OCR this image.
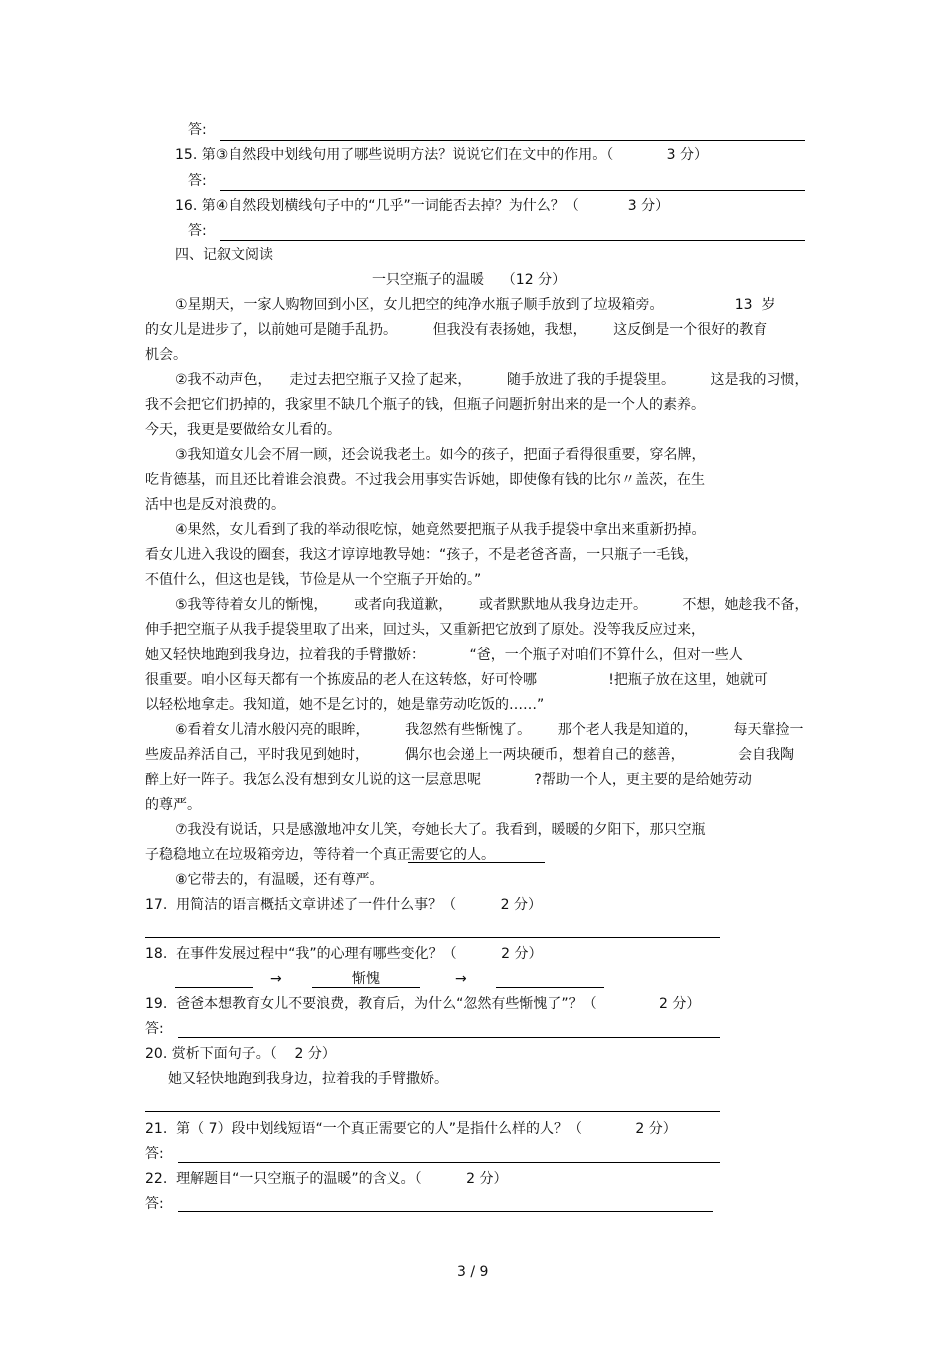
答:
15. 第③自然段中划线句用了哪些说明方法？说说它们在文中的作用。（            3 分）
答:
16. 第④自然段划横线句子中的“几乎”一词能否去掉？为什么？（           3 分）
答:
四、记叙文阅读
一只空瓶子的温暖    （12 分）
①星期天，一家人购物回到小区，女儿把空的纯净水瓶子顺手放到了垃圾箱旁。                13  岁
的女儿是进步了，以前她可是随手乱扔。        但我没有表扬她，我想，      这反倒是一个很好的教育
机会。
②我不动声色，    走过去把空瓶子又捡了起来，        随手放进了我的手提袋里。        这是我的习惯，
我不会把它们扔掉的，我家里不缺几个瓶子的钱，但瓶子问题折射出来的是一个人的素养。
今天，我更是要做给女儿看的。
③我知道女儿会不屑一顾，还会说我老土。如今的孩子，把面子看得很重要，穿名牌，
吃肯德基，而且还比着谁会浪费。不过我会用事实告诉她，即使像有钱的比尔〃盖茨，在生
活中也是反对浪费的。
④果然，女儿看到了我的举动很吃惊，她竟然要把瓶子从我手提袋中拿出来重新扔掉。
看女儿进入我设的圈套，我这才谆谆地教导她：“孩子，不是老爸吝啬，一只瓶子一毛钱，
不值什么，但这也是钱，节俭是从一个空瓶子开始的。”
⑤我等待着女儿的惭愧，      或者向我道歉，      或者默默地从我身边走开。        不想，她趁我不备，
伸手把空瓶子从我手提袋里取了出来，回过头，又重新把它放到了原处。没等我反应过来，
她又轻快地跑到我身边，拉着我的手臂撒娇：          “爸，一个瓶子对咱们不算什么，但对一些人
很重要。咱小区每天都有一个拣废品的老人在这转悠，好可怜哪                !把瓶子放在这里，她就可
以轻松地拿走。我知道，她不是乞讨的，她是靠劳动吃饭的……”
⑥看着女儿清水般闪亮的眼眸，        我忽然有些惭愧了。      那个老人我是知道的，        每天靠捡一
些废品养活自己，平时我见到她时，        偶尔也会递上一两块硬币，想着自己的慈善，            会自我陶
醉上好一阵子。我怎么没有想到女儿说的这一层意思呢            ?帮助一个人，更主要的是给她劳动
的尊严。
⑦我没有说话，只是感激地冲女儿笑，夸她长大了。我看到，暖暖的夕阳下，那只空瓶
子稳稳地立在垃圾箱旁边，等待着一个真正需要它的人。
⑧它带去的，有温暖，还有尊严。
17.  用简洁的语言概括文章讲述了一件什么事？（          2 分）
18.  在事件发展过程中“我”的心理有哪些变化？（          2 分）
→	惭愧	→
19.  爸爸本想教育女儿不要浪费，教育后，为什么“忽然有些惭愧了”？（              2 分）
答:
20. 赏析下面句子。（    2 分）
她又轻快地跑到我身边，拉着我的手臂撒娇。
21.  第（ 7）段中划线短语“一个真正需要它的人”是指什么样的人？（            2 分）
答:
22.  理解题目“一只空瓶子的温暖”的含义。（          2 分）
答:
3 / 9
